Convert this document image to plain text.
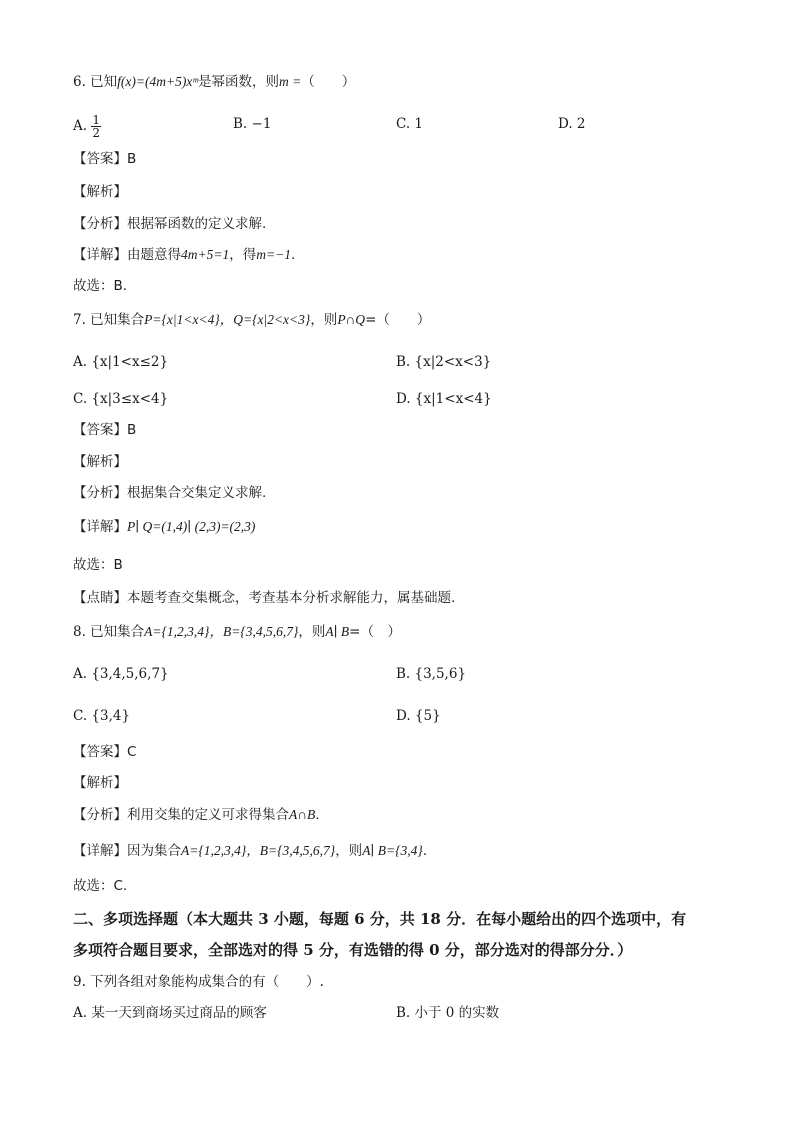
6. 已知f(x)=(4m+5)xᵐ是幂函数，则m =（　　）
A. $\frac{1}{2}$	B. −1	C. 1	D. 2
【答案】B
【解析】
【分析】根据幂函数的定义求解.
【详解】由题意得4m+5=1，得m=−1.
故选：B.
7. 已知集合P={x|1<x<4}，Q={x|2<x<3}，则P∩Q=（　　）
A. {x|1<x≤2}	B. {x|2<x<3}
C. {x|3≤x<4}	D. {x|1<x<4}
【答案】B
【解析】
【分析】根据集合交集定义求解.
【详解】P∣ Q=(1,4)∣ (2,3)=(2,3)
故选：B
【点睛】本题考查交集概念，考查基本分析求解能力，属基础题.
8. 已知集合A={1,2,3,4}，B={3,4,5,6,7}，则A∣ B=（　）
A. {3,4,5,6,7}	B. {3,5,6}
C. {3,4}	D. {5}
【答案】C
【解析】
【分析】利用交集的定义可求得集合A∩B.
【详解】因为集合A={1,2,3,4}，B={3,4,5,6,7}，则A∣ B={3,4}.
故选：C.
二、多项选择题（本大题共 3 小题，每题 6 分，共 18 分．在每小题给出的四个选项中，有
多项符合题目要求，全部选对的得 5 分，有选错的得 0 分，部分选对的得部分分．）
9. 下列各组对象能构成集合的有（　　）.
A. 某一天到商场买过商品的顾客	B. 小于 0 的实数
